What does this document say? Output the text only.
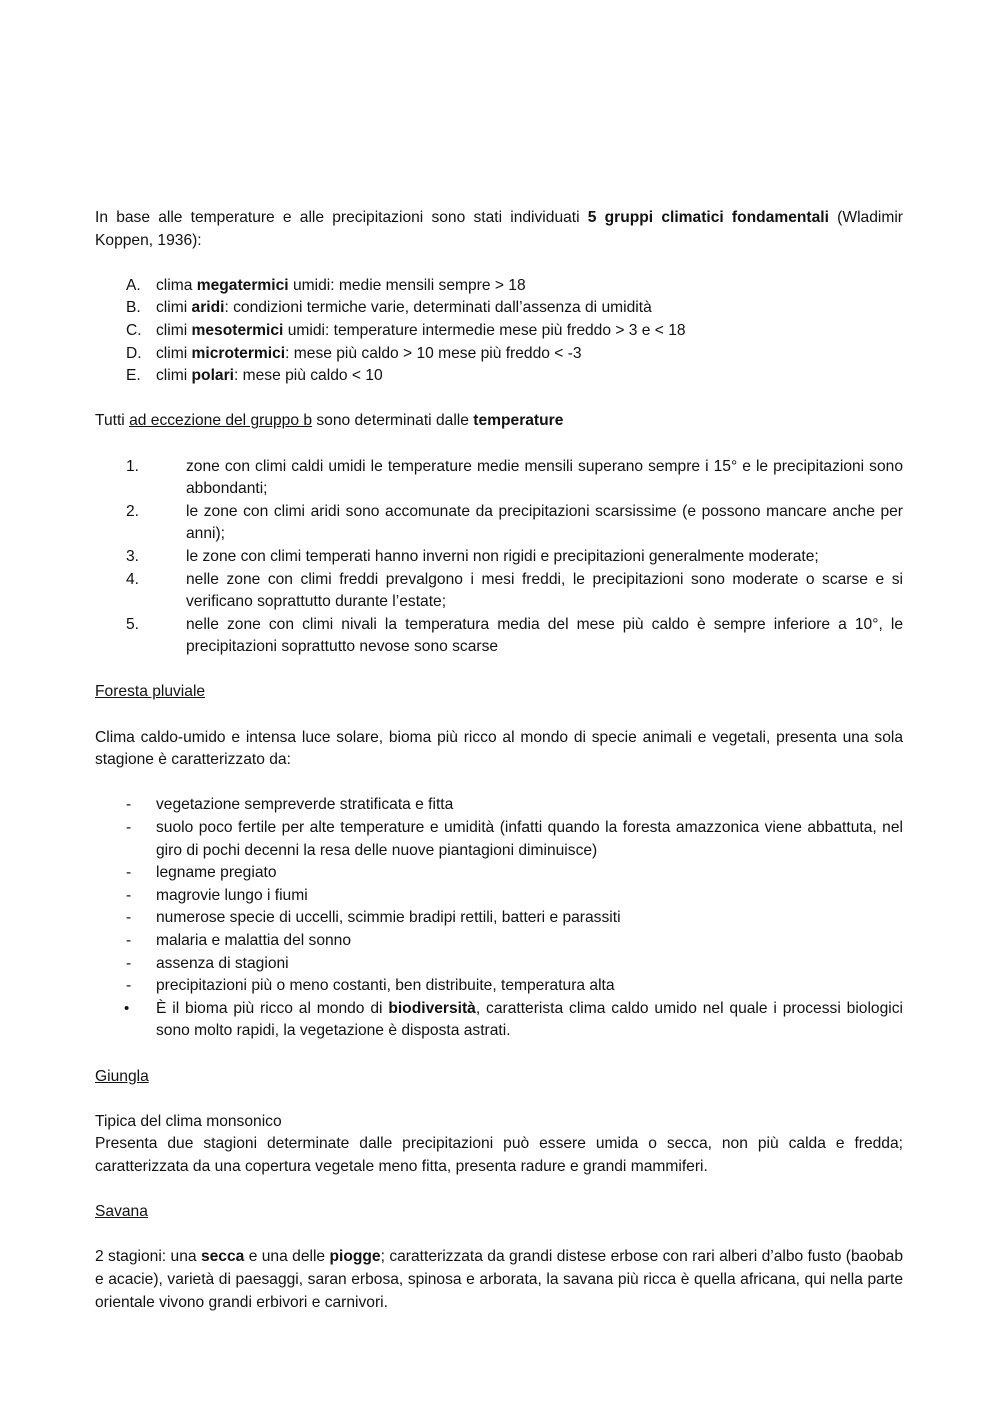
In base alle temperature e alle precipitazioni sono stati individuati 5 gruppi climatici fondamentali (Wladimir Koppen, 1936):

A. clima megatermici umidi: medie mensili sempre > 18
B. climi aridi: condizioni termiche varie, determinati dall’assenza di umidità
C. climi mesotermici umidi: temperature intermedie mese più freddo > 3 e < 18
D. climi microtermici: mese più caldo > 10 mese più freddo < -3
E. climi polari: mese più caldo < 10

Tutti ad eccezione del gruppo b sono determinati dalle temperature

1.	zone con climi caldi umidi le temperature medie mensili superano sempre i 15° e le precipitazioni sono abbondanti;
2.	le zone con climi aridi sono accomunate da precipitazioni scarsissime (e possono mancare anche per anni);
3.	le zone con climi temperati hanno inverni non rigidi e precipitazioni generalmente moderate;
4.	nelle zone con climi freddi prevalgono i mesi freddi, le precipitazioni sono moderate o scarse e si verificano soprattutto durante l’estate;
5.	nelle zone con climi nivali la temperatura media del mese più caldo è sempre inferiore a 10°, le precipitazioni soprattutto nevose sono scarse

Foresta pluviale

Clima caldo-umido e intensa luce solare, bioma più ricco al mondo di specie animali e vegetali, presenta una sola stagione è caratterizzato da:

- vegetazione sempreverde stratificata e fitta
- suolo poco fertile per alte temperature e umidità (infatti quando la foresta amazzonica viene abbattuta, nel giro di pochi decenni la resa delle nuove piantagioni diminuisce)
- legname pregiato
- magrovie lungo i fiumi
- numerose specie di uccelli, scimmie bradipi rettili, batteri e parassiti
- malaria e malattia del sonno
- assenza di stagioni
- precipitazioni più o meno costanti, ben distribuite, temperatura alta
• È il bioma più ricco al mondo di biodiversità, caratterista clima caldo umido nel quale i processi biologici sono molto rapidi, la vegetazione è disposta astrati.

Giungla

Tipica del clima monsonico

Presenta due stagioni determinate dalle precipitazioni può essere umida o secca, non più calda e fredda; caratterizzata da una copertura vegetale meno fitta, presenta radure e grandi mammiferi.

Savana

2 stagioni: una secca e una delle piogge; caratterizzata da grandi distese erbose con rari alberi d’albo fusto (baobab e acacie), varietà di paesaggi, saran erbosa, spinosa e arborata, la savana più ricca è quella africana, qui nella parte orientale vivono grandi erbivori e carnivori.
